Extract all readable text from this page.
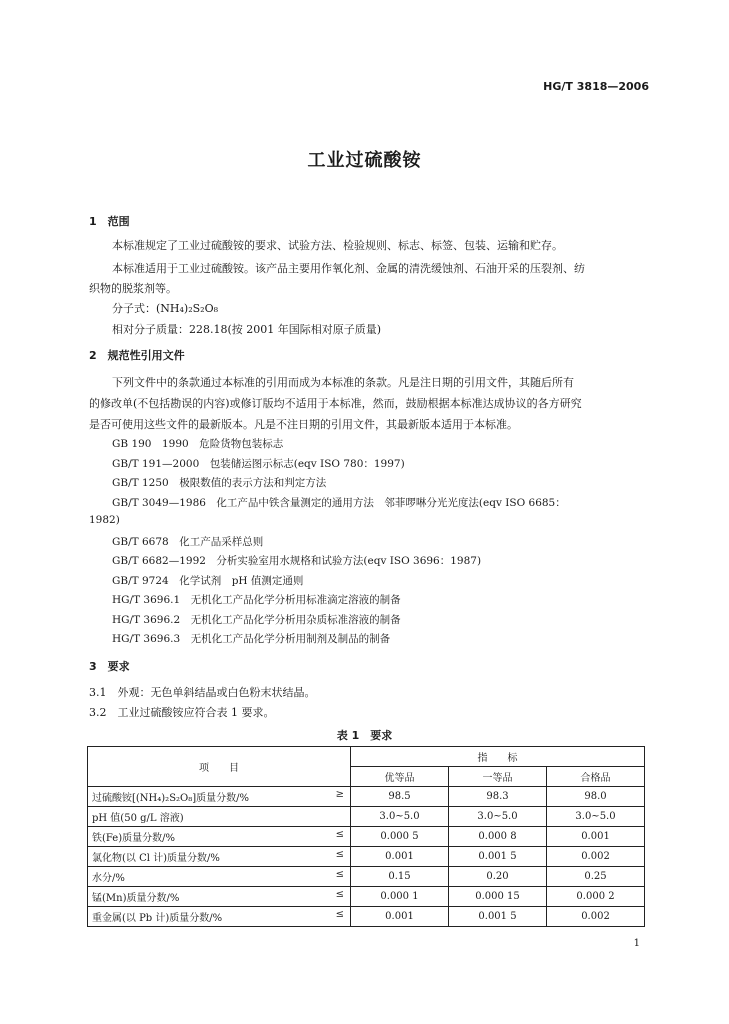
HG/T 3818—2006
工业过硫酸铵
1　范围
本标准规定了工业过硫酸铵的要求、试验方法、检验规则、标志、标签、包装、运输和贮存。
本标准适用于工业过硫酸铵。该产品主要用作氧化剂、金属的清洗缓蚀剂、石油开采的压裂剂、纺
织物的脱浆剂等。
分子式：(NH₄)₂S₂O₈
相对分子质量：228.18(按 2001 年国际相对原子质量)
2　规范性引用文件
下列文件中的条款通过本标准的引用而成为本标准的条款。凡是注日期的引用文件，其随后所有
的修改单(不包括勘误的内容)或修订版均不适用于本标准，然而，鼓励根据本标准达成协议的各方研究
是否可使用这些文件的最新版本。凡是不注日期的引用文件，其最新版本适用于本标准。
GB 190　1990　危险货物包装标志
GB/T 191—2000　包装储运图示标志(eqv ISO 780：1997)
GB/T 1250　极限数值的表示方法和判定方法
GB/T 3049—1986　化工产品中铁含量测定的通用方法　邻菲啰啉分光光度法(eqv ISO 6685：
1982)
GB/T 6678　化工产品采样总则
GB/T 6682—1992　分析实验室用水规格和试验方法(eqv ISO 3696：1987)
GB/T 9724　化学试剂　pH 值测定通则
HG/T 3696.1　无机化工产品化学分析用标准滴定溶液的制备
HG/T 3696.2　无机化工产品化学分析用杂质标准溶液的制备
HG/T 3696.3　无机化工产品化学分析用制剂及制品的制备
3　要求
3.1　外观：无色单斜结晶或白色粉末状结晶。
3.2　工业过硫酸铵应符合表 1 要求。
表 1　要求
项　　目	指　　标		
	优等品	一等品	合格品
过硫酸铵[(NH₄)₂S₂O₈]质量分数/% ≥	98.5	98.3	98.0
pH 值(50 g/L 溶液)	3.0~5.0	3.0~5.0	3.0~5.0
铁(Fe)质量分数/% ≤	0.000 5	0.000 8	0.001
氯化物(以 Cl 计)质量分数/% ≤	0.001	0.001 5	0.002
水分/% ≤	0.15	0.20	0.25
锰(Mn)质量分数/% ≤	0.000 1	0.000 15	0.000 2
重金属(以 Pb 计)质量分数/% ≤	0.001	0.001 5	0.002
1
